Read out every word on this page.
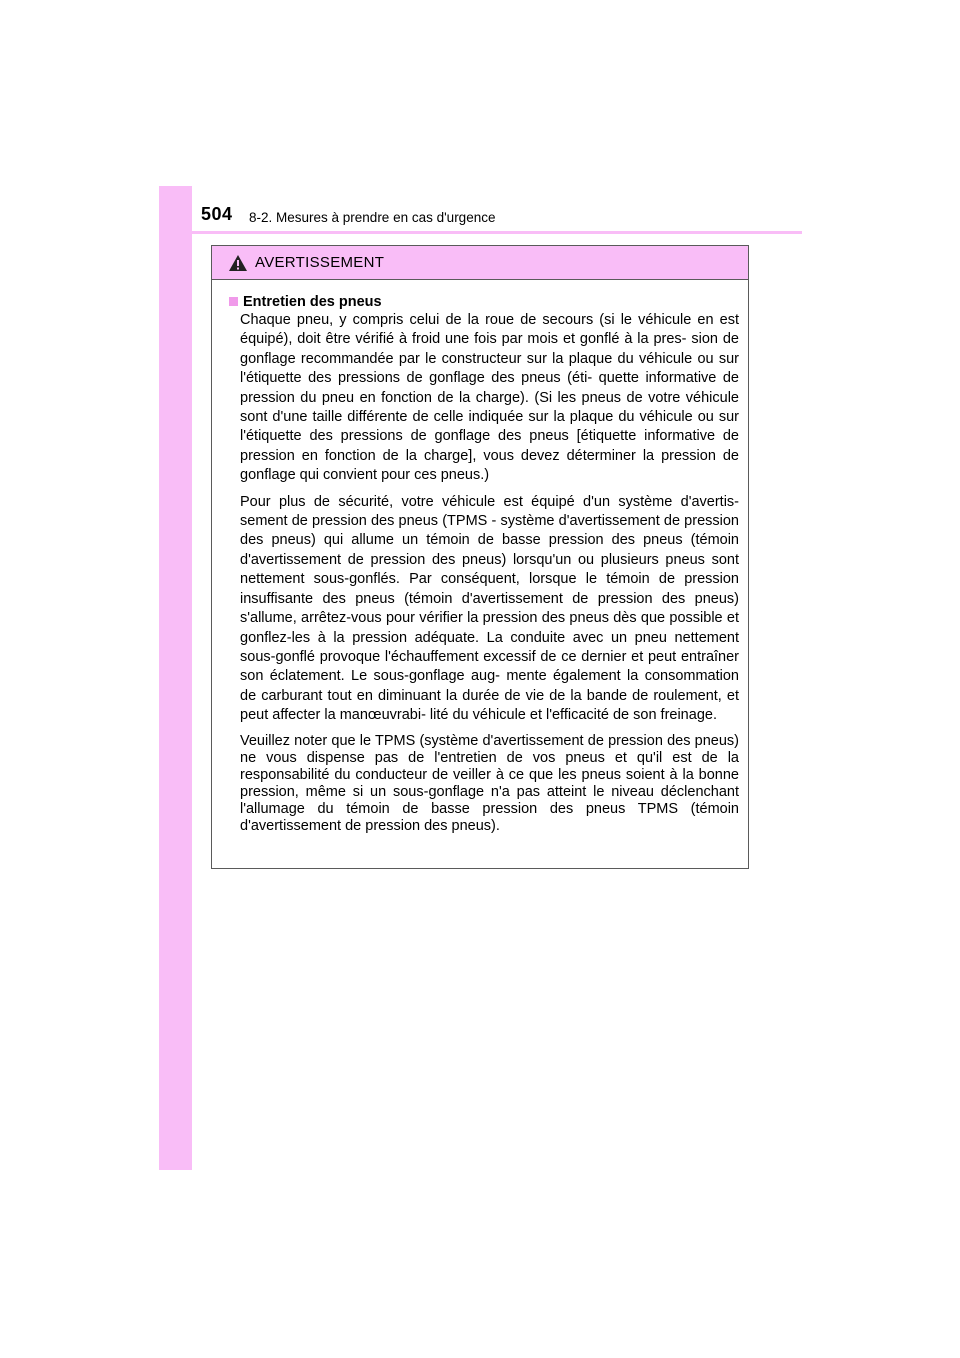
504 8-2. Mesures à prendre en cas d'urgence
AVERTISSEMENT
Entretien des pneus

Chaque pneu, y compris celui de la roue de secours (si le véhicule en est équipé), doit être vérifié à froid une fois par mois et gonflé à la pres- sion de gonflage recommandée par le constructeur sur la plaque du véhicule ou sur l'étiquette des pressions de gonflage des pneus (éti- quette informative de pression du pneu en fonction de la charge). (Si les pneus de votre véhicule sont d'une taille différente de celle indiquée sur la plaque du véhicule ou sur l'étiquette des pressions de gonflage des pneus [étiquette informative de pression en fonction de la charge], vous devez déterminer la pression de gonflage qui convient pour ces pneus.)

Pour plus de sécurité, votre véhicule est équipé d'un système d'avertis- sement de pression des pneus (TPMS - système d'avertissement de pression des pneus) qui allume un témoin de basse pression des pneus (témoin d'avertissement de pression des pneus) lorsqu'un ou plusieurs pneus sont nettement sous-gonflés. Par conséquent, lorsque le témoin de pression insuffisante des pneus (témoin d'avertissement de pression des pneus) s'allume, arrêtez-vous pour vérifier la pression des pneus dès que possible et gonflez-les à la pression adéquate. La conduite avec un pneu nettement sous-gonflé provoque l'échauffement excessif de ce dernier et peut entraîner son éclatement. Le sous-gonflage aug- mente également la consommation de carburant tout en diminuant la durée de vie de la bande de roulement, et peut affecter la manœuvrabi- lité du véhicule et l'efficacité de son freinage.

Veuillez noter que le TPMS (système d'avertissement de pression des pneus) ne vous dispense pas de l'entretien de vos pneus et qu'il est de la responsabilité du conducteur de veiller à ce que les pneus soient à la bonne pression, même si un sous-gonflage n'a pas atteint le niveau déclenchant l'allumage du témoin de basse pression des pneus TPMS (témoin d'avertissement de pression des pneus).
